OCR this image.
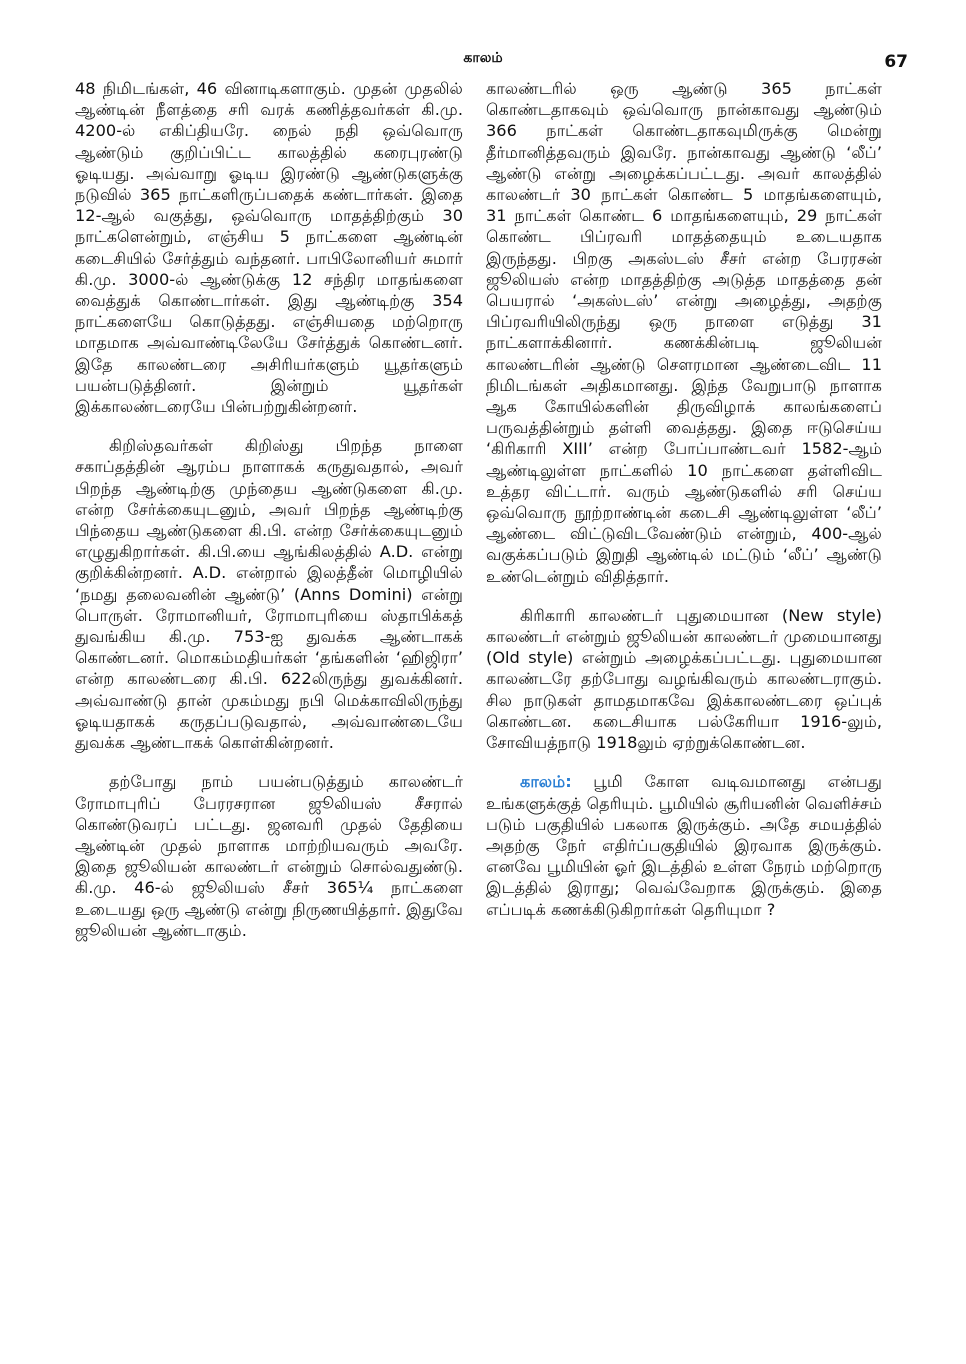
காலம்	67

48 நிமிடங்கள், 46 வினாடிகளாகும். முதன் முதலில் ஆண்டின் நீளத்தை சரி வரக் கணித்தவர்கள் கி.மு. 4200-ல் எகிப்தியரே. நைல் நதி ஒவ்வொரு ஆண்டும் குறிப்பிட்ட காலத்தில் கரைபுரண்டு ஓடியது. அவ்வாறு ஓடிய இரண்டு ஆண்டுகளுக்கு நடுவில் 365 நாட்களிருப்பதைக் கண்டார்கள். இதை 12-ஆல் வகுத்து, ஒவ்வொரு மாதத்திற்கும் 30 நாட்களென்றும், எஞ்சிய 5 நாட்களை ஆண்டின் கடைசியில் சேர்த்தும் வந்தனர். பாபிலோனியர் சுமார் கி.மு. 3000-ல் ஆண்டுக்கு 12 சந்திர மாதங்களை வைத்துக் கொண்டார்கள். இது ஆண்டிற்கு 354 நாட்களையே கொடுத்தது. எஞ்சியதை மற்றொரு மாதமாக அவ்வாண்டிலேயே சேர்த்துக் கொண்டனர். இதே காலண்டரை அசிரியர்களும் யூதர்களும் பயன்படுத்தினர். இன்றும் யூதர்கள் இக்காலண்டரையே பின்பற்றுகின்றனர்.

கிறிஸ்தவர்கள் கிறிஸ்து பிறந்த நாளை சகாப்தத்தின் ஆரம்ப நாளாகக் கருதுவதால், அவர் பிறந்த ஆண்டிற்கு முந்தைய ஆண்டுகளை கி.மு. என்ற சேர்க்கையுடனும், அவர் பிறந்த ஆண்டிற்கு பிந்தைய ஆண்டுகளை கி.பி. என்ற சேர்க்கையுடனும் எழுதுகிறார்கள். கி.பி.யை ஆங்கிலத்தில் A.D. என்று குறிக்கின்றனர். A.D. என்றால் இலத்தீன் மொழியில் ‘நமது தலைவனின் ஆண்டு’ (Anns Domini) என்று பொருள். ரோமானியர், ரோமாபுரியை ஸ்தாபிக்கத் துவங்கிய கி.மு. 753-ஐ துவக்க ஆண்டாகக் கொண்டனர். மொகம்மதியர்கள் ‘தங்களின் ‘ஹிஜிரா’ என்ற காலண்டரை கி.பி. 622லிருந்து துவக்கினர். அவ்வாண்டு தான் முகம்மது நபி மெக்காவிலிருந்து ஓடியதாகக் கருதப்படுவதால், அவ்வாண்டையே துவக்க ஆண்டாகக் கொள்கின்றனர்.

தற்போது நாம் பயன்படுத்தும் காலண்டர் ரோமாபுரிப் பேரரசரான ஜூலியஸ் சீசரால் கொண்டுவரப் பட்டது. ஜனவரி முதல் தேதியை ஆண்டின் முதல் நாளாக மாற்றியவரும் அவரே. இதை ஜூலியன் காலண்டர் என்றும் சொல்வதுண்டு. கி.மு. 46-ல் ஜூலியஸ் சீசர் 365¼ நாட்களை உடையது ஒரு ஆண்டு என்று நிருணயித்தார். இதுவே ஜூலியன் ஆண்டாகும்.

காலண்டரில் ஒரு ஆண்டு 365 நாட்கள் கொண்டதாகவும் ஒவ்வொரு நான்காவது ஆண்டும் 366 நாட்கள் கொண்டதாகவுமிருக்கு மென்று தீர்மானித்தவரும் இவரே. நான்காவது ஆண்டு ‘லீப்’ ஆண்டு என்று அழைக்கப்பட்டது. அவர் காலத்தில் காலண்டர் 30 நாட்கள் கொண்ட 5 மாதங்களையும், 31 நாட்கள் கொண்ட 6 மாதங்களையும், 29 நாட்கள் கொண்ட பிப்ரவரி மாதத்தையும் உடையதாக இருந்தது. பிறகு அகஸ்டஸ் சீசர் என்ற பேரரசன் ஜூலியஸ் என்ற மாதத்திற்கு அடுத்த மாதத்தை தன் பெயரால் ‘அகஸ்டஸ்’ என்று அழைத்து, அதற்கு பிப்ரவரியிலிருந்து ஒரு நாளை எடுத்து 31 நாட்களாக்கினார். கணக்கின்படி ஜூலியன் காலண்டரின் ஆண்டு சௌரமான ஆண்டைவிட 11 நிமிடங்கள் அதிகமானது. இந்த வேறுபாடு நாளாக ஆக கோயில்களின் திருவிழாக் காலங்களைப் பருவத்தின்றும் தள்ளி வைத்தது. இதை ஈடுசெய்ய ‘கிரிகாரி XIII’ என்ற போப்பாண்டவர் 1582-ஆம் ஆண்டிலுள்ள நாட்களில் 10 நாட்களை தள்ளிவிட உத்தர விட்டார். வரும் ஆண்டுகளில் சரி செய்ய ஒவ்வொரு நூற்றாண்டின் கடைசி ஆண்டிலுள்ள ‘லீப்’ ஆண்டை விட்டுவிடவேண்டும் என்றும், 400-ஆல் வகுக்கப்படும் இறுதி ஆண்டில் மட்டும் ‘லீப்’ ஆண்டு உண்டென்றும் விதித்தார்.

கிரிகாரி காலண்டர் புதுமையான (New style) காலண்டர் என்றும் ஜூலியன் காலண்டர் முமையானது (Old style) என்றும் அழைக்கப்பட்டது. புதுமையான காலண்டரே தற்போது வழங்கிவரும் காலண்டராகும். சில நாடுகள் தாமதமாகவே இக்காலண்டரை ஒப்புக் கொண்டன. கடைசியாக பல்கேரியா 1916-லும், சோவியத்நாடு 1918லும் ஏற்றுக்கொண்டன.

காலம்: பூமி கோள வடிவமானது என்பது உங்களுக்குத் தெரியும். பூமியில் சூரியனின் வெளிச்சம் படும் பகுதியில் பகலாக இருக்கும். அதே சமயத்தில் அதற்கு நேர் எதிர்ப்பகுதியில் இரவாக இருக்கும். எனவே பூமியின் ஓர் இடத்தில் உள்ள நேரம் மற்றொரு இடத்தில் இராது; வெவ்வேறாக இருக்கும். இதை எப்படிக் கணக்கிடுகிறார்கள் தெரியுமா ?
